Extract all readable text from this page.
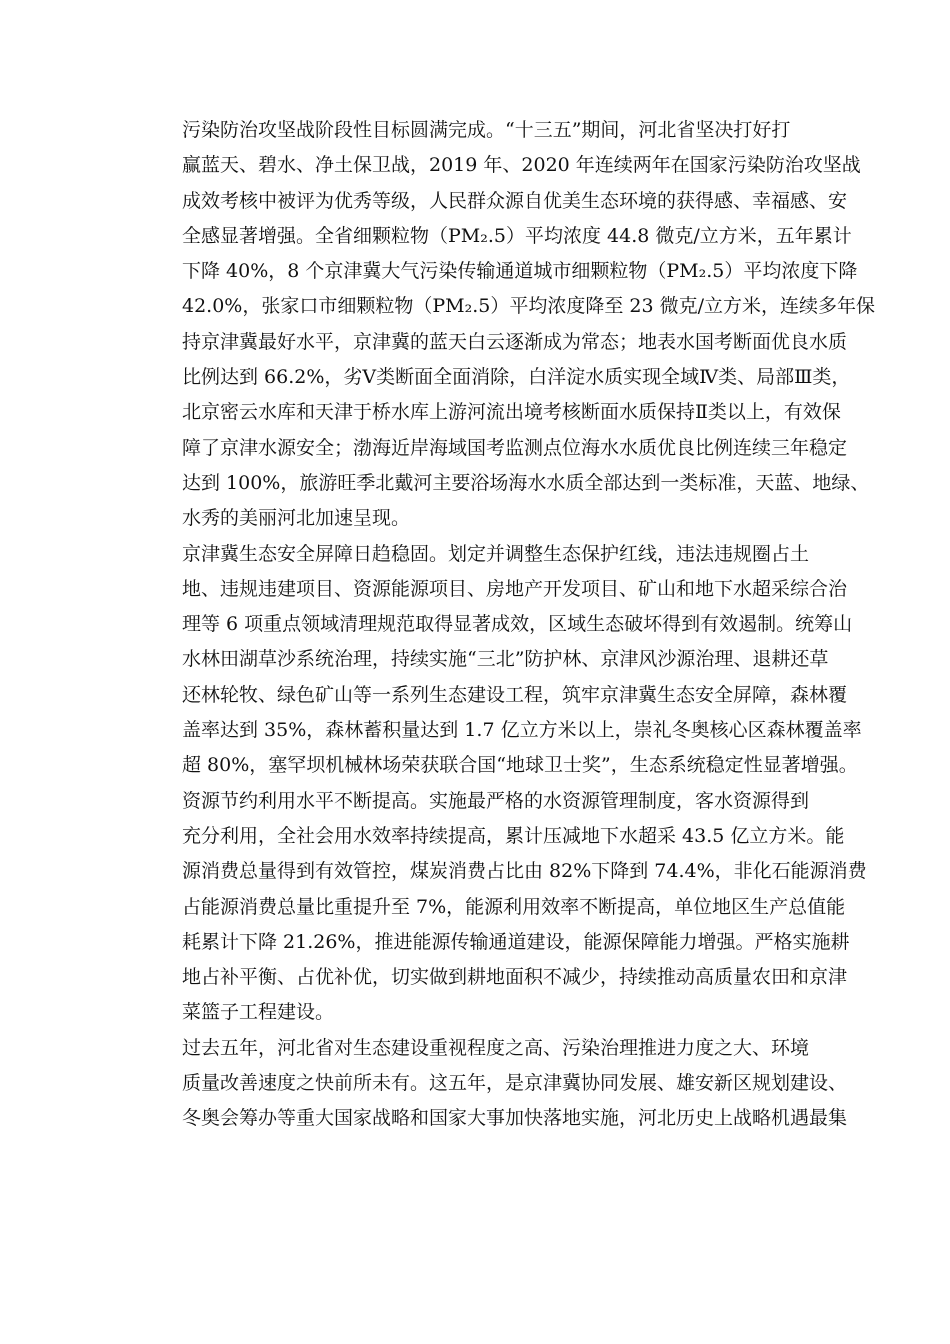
污染防治攻坚战阶段性目标圆满完成。“十三五”期间，河北省坚决打好打
赢蓝天、碧水、净土保卫战，2019 年、2020 年连续两年在国家污染防治攻坚战
成效考核中被评为优秀等级，人民群众源自优美生态环境的获得感、幸福感、安
全感显著增强。全省细颗粒物（PM₂.5）平均浓度 44.8 微克/立方米，五年累计
下降 40%，8 个京津冀大气污染传输通道城市细颗粒物（PM₂.5）平均浓度下降
42.0%，张家口市细颗粒物（PM₂.5）平均浓度降至 23 微克/立方米，连续多年保
持京津冀最好水平，京津冀的蓝天白云逐渐成为常态；地表水国考断面优良水质
比例达到 66.2%，劣Ⅴ类断面全面消除，白洋淀水质实现全域Ⅳ类、局部Ⅲ类，
北京密云水库和天津于桥水库上游河流出境考核断面水质保持Ⅱ类以上，有效保
障了京津水源安全；渤海近岸海域国考监测点位海水水质优良比例连续三年稳定
达到 100%，旅游旺季北戴河主要浴场海水水质全部达到一类标准，天蓝、地绿、
水秀的美丽河北加速呈现。

京津冀生态安全屏障日趋稳固。划定并调整生态保护红线，违法违规圈占土
地、违规违建项目、资源能源项目、房地产开发项目、矿山和地下水超采综合治
理等 6 项重点领域清理规范取得显著成效，区域生态破坏得到有效遏制。统筹山
水林田湖草沙系统治理，持续实施“三北”防护林、京津风沙源治理、退耕还草
还林轮牧、绿色矿山等一系列生态建设工程，筑牢京津冀生态安全屏障，森林覆
盖率达到 35%，森林蓄积量达到 1.7 亿立方米以上，崇礼冬奥核心区森林覆盖率
超 80%，塞罕坝机械林场荣获联合国“地球卫士奖”，生态系统稳定性显著增强。

资源节约利用水平不断提高。实施最严格的水资源管理制度，客水资源得到
充分利用，全社会用水效率持续提高，累计压减地下水超采 43.5 亿立方米。能
源消费总量得到有效管控，煤炭消费占比由 82%下降到 74.4%，非化石能源消费
占能源消费总量比重提升至 7%，能源利用效率不断提高，单位地区生产总值能
耗累计下降 21.26%，推进能源传输通道建设，能源保障能力增强。严格实施耕
地占补平衡、占优补优，切实做到耕地面积不减少，持续推动高质量农田和京津
菜篮子工程建设。

过去五年，河北省对生态建设重视程度之高、污染治理推进力度之大、环境
质量改善速度之快前所未有。这五年，是京津冀协同发展、雄安新区规划建设、
冬奥会筹办等重大国家战略和国家大事加快落地实施，河北历史上战略机遇最集
